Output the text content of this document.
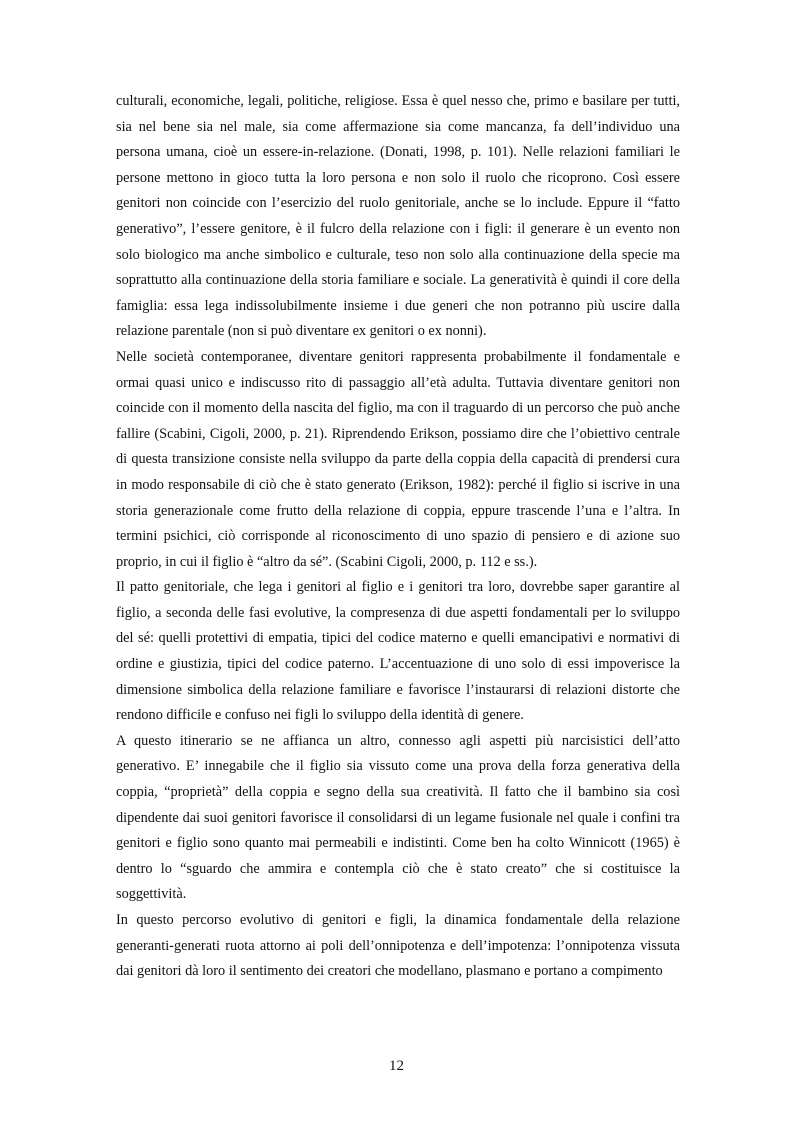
culturali, economiche, legali, politiche, religiose. Essa è quel nesso che, primo e basilare per tutti, sia nel bene sia nel male, sia come affermazione sia come mancanza, fa dell’individuo una persona umana, cioè un essere-in-relazione. (Donati, 1998, p. 101). Nelle relazioni familiari le persone mettono in gioco tutta la loro persona e non solo il ruolo che ricoprono. Così essere genitori non coincide con l’esercizio del ruolo genitoriale, anche se lo include. Eppure il “fatto generativo”, l’essere genitore, è il fulcro della relazione con i figli: il generare è un evento non solo biologico ma anche simbolico e culturale, teso non solo alla continuazione della specie ma soprattutto alla continuazione della storia familiare e sociale. La generatività è quindi il core della famiglia: essa lega indissolubilmente insieme i due generi che non potranno più uscire dalla relazione parentale (non si può diventare ex genitori o ex nonni).

Nelle società contemporanee, diventare genitori rappresenta probabilmente il fondamentale e ormai quasi unico e indiscusso rito di passaggio all’età adulta. Tuttavia diventare genitori non coincide con il momento della nascita del figlio, ma con il traguardo di un percorso che può anche fallire (Scabini, Cigoli, 2000, p. 21). Riprendendo Erikson, possiamo dire che l’obiettivo centrale di questa transizione consiste nella sviluppo da parte della coppia della capacità di prendersi cura in modo responsabile di ciò che è stato generato (Erikson, 1982): perché il figlio si iscrive in una storia generazionale come frutto della relazione di coppia, eppure trascende l’una e l’altra. In termini psichici, ciò corrisponde al riconoscimento di uno spazio di pensiero e di azione suo proprio, in cui il figlio è “altro da sé”. (Scabini Cigoli, 2000, p. 112 e ss.).

Il patto genitoriale, che lega i genitori al figlio e i genitori tra loro, dovrebbe saper garantire al figlio, a seconda delle fasi evolutive, la compresenza di due aspetti fondamentali per lo sviluppo del sé: quelli protettivi di empatia, tipici del codice materno e quelli emancipativi e normativi di ordine e giustizia, tipici del codice paterno. L’accentuazione di uno solo di essi impoverisce la dimensione simbolica della relazione familiare e favorisce l’instaurarsi di relazioni distorte che rendono difficile e confuso nei figli lo sviluppo della identità di genere.

A questo itinerario se ne affianca un altro, connesso agli aspetti più narcisistici dell’atto generativo. E’ innegabile che il figlio sia vissuto come una prova della forza generativa della coppia, “proprietà” della coppia e segno della sua creatività. Il fatto che il bambino sia così dipendente dai suoi genitori favorisce il consolidarsi di un legame fusionale nel quale i confini tra genitori e figlio sono quanto mai permeabili e indistinti. Come ben ha colto Winnicott (1965) è dentro lo “sguardo che ammira e contempla ciò che è stato creato” che si costituisce la soggettività.

In questo percorso evolutivo di genitori e figli, la dinamica fondamentale della relazione generanti-generati ruota attorno ai poli dell’onnipotenza e dell’impotenza: l’onnipotenza vissuta dai genitori dà loro il sentimento dei creatori che modellano, plasmano e portano a compimento

12
